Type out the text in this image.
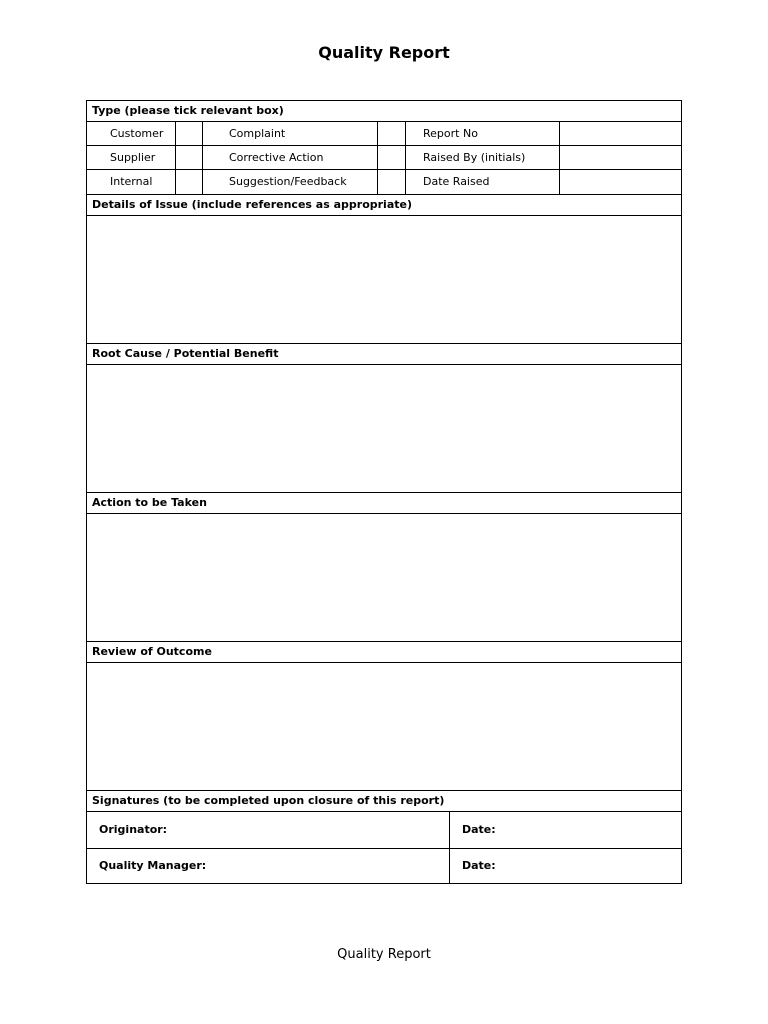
Quality Report
Type (please tick relevant box)
Customer	Complaint	Report No
Supplier	Corrective Action	Raised By (initials)
Internal	Suggestion/Feedback	Date Raised
Details of Issue (include references as appropriate)
Root Cause / Potential Benefit
Action to be Taken
Review of Outcome
Signatures (to be completed upon closure of this report)
Originator:	Date:
Quality Manager:	Date:
Quality Report
